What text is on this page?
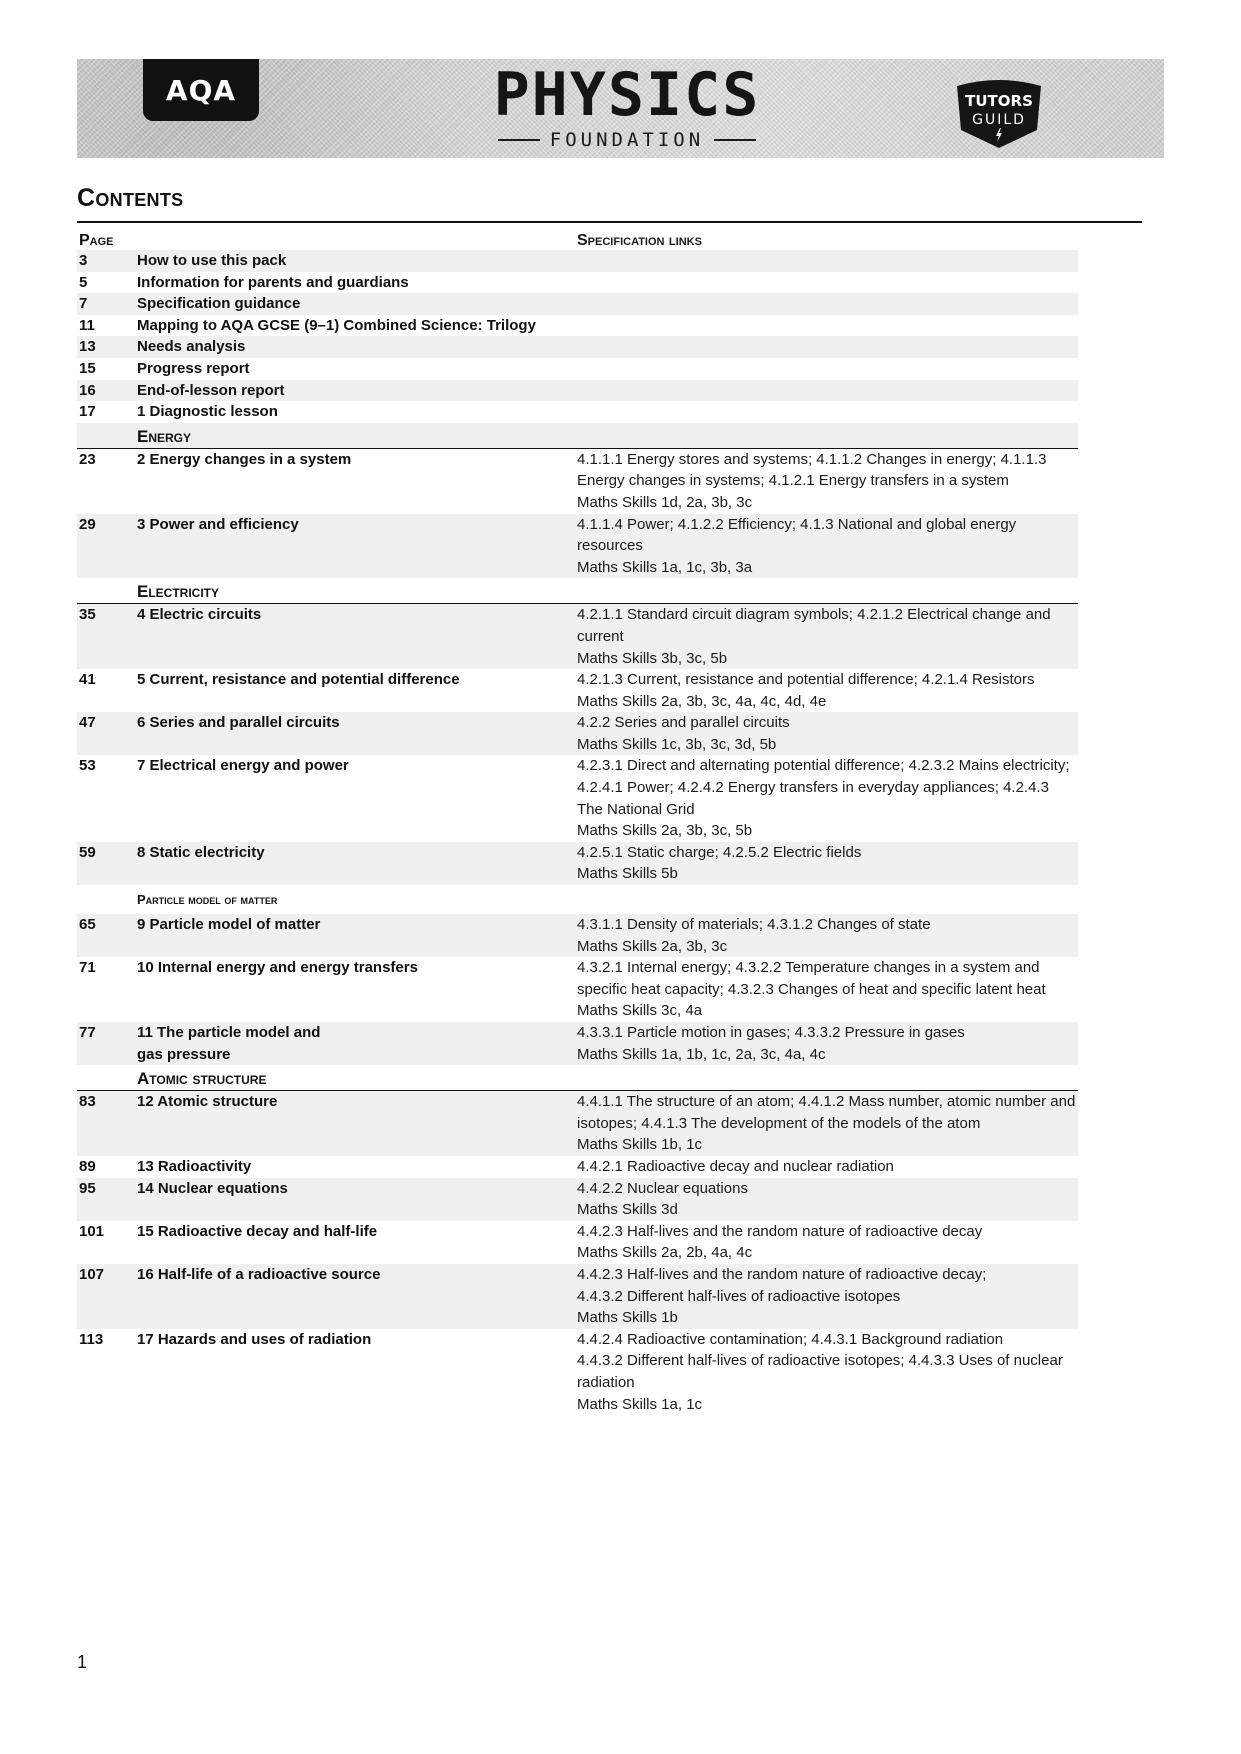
AQA	PHYSICS
FOUNDATION
TUTORS
GUILD
Contents
Page	Specification links
3	How to use this pack
5	Information for parents and guardians
7	Specification guidance
11	Mapping to AQA GCSE (9–1) Combined Science: Trilogy
13	Needs analysis
15	Progress report
16	End-of-lesson report
17	1 Diagnostic lesson
Energy
23	2 Energy changes in a system	4.1.1.1 Energy stores and systems; 4.1.1.2 Changes in energy; 4.1.1.3 Energy changes in systems; 4.1.2.1 Energy transfers in a system
Maths Skills 1d, 2a, 3b, 3c
29	3 Power and efficiency	4.1.1.4 Power; 4.1.2.2 Efficiency; 4.1.3 National and global energy resources
Maths Skills 1a, 1c, 3b, 3a
Electricity
35	4 Electric circuits	4.2.1.1 Standard circuit diagram symbols; 4.2.1.2 Electrical change and current
Maths Skills 3b, 3c, 5b
41	5 Current, resistance and potential difference	4.2.1.3 Current, resistance and potential difference; 4.2.1.4 Resistors
Maths Skills 2a, 3b, 3c, 4a, 4c, 4d, 4e
47	6 Series and parallel circuits	4.2.2 Series and parallel circuits
Maths Skills 1c, 3b, 3c, 3d, 5b
53	7 Electrical energy and power	4.2.3.1 Direct and alternating potential difference; 4.2.3.2 Mains electricity; 4.2.4.1 Power; 4.2.4.2 Energy transfers in everyday appliances; 4.2.4.3 The National Grid
Maths Skills 2a, 3b, 3c, 5b
59	8 Static electricity	4.2.5.1 Static charge; 4.2.5.2 Electric fields
Maths Skills 5b
Particle model of matter
65	9 Particle model of matter	4.3.1.1 Density of materials; 4.3.1.2 Changes of state
Maths Skills 2a, 3b, 3c
71	10 Internal energy and energy transfers	4.3.2.1 Internal energy; 4.3.2.2 Temperature changes in a system and specific heat capacity; 4.3.2.3 Changes of heat and specific latent heat
Maths Skills 3c, 4a
77	11 The particle model and
gas pressure
4.3.3.1 Particle motion in gases; 4.3.3.2 Pressure in gases
Maths Skills 1a, 1b, 1c, 2a, 3c, 4a, 4c
Atomic structure
83	12 Atomic structure	4.4.1.1 The structure of an atom; 4.4.1.2 Mass number, atomic number and isotopes; 4.4.1.3 The development of the models of the atom
Maths Skills 1b, 1c
89	13 Radioactivity	4.4.2.1 Radioactive decay and nuclear radiation
95	14 Nuclear equations	4.4.2.2 Nuclear equations
Maths Skills 3d
101	15 Radioactive decay and half-life	4.4.2.3 Half-lives and the random nature of radioactive decay
Maths Skills 2a, 2b, 4a, 4c
107	16 Half-life of a radioactive source	4.4.2.3 Half-lives and the random nature of radioactive decay;
4.4.3.2 Different half-lives of radioactive isotopes
Maths Skills 1b
113	17 Hazards and uses of radiation	4.4.2.4 Radioactive contamination; 4.4.3.1 Background radiation
4.4.3.2 Different half-lives of radioactive isotopes; 4.4.3.3 Uses of nuclear radiation
Maths Skills 1a, 1c
1
